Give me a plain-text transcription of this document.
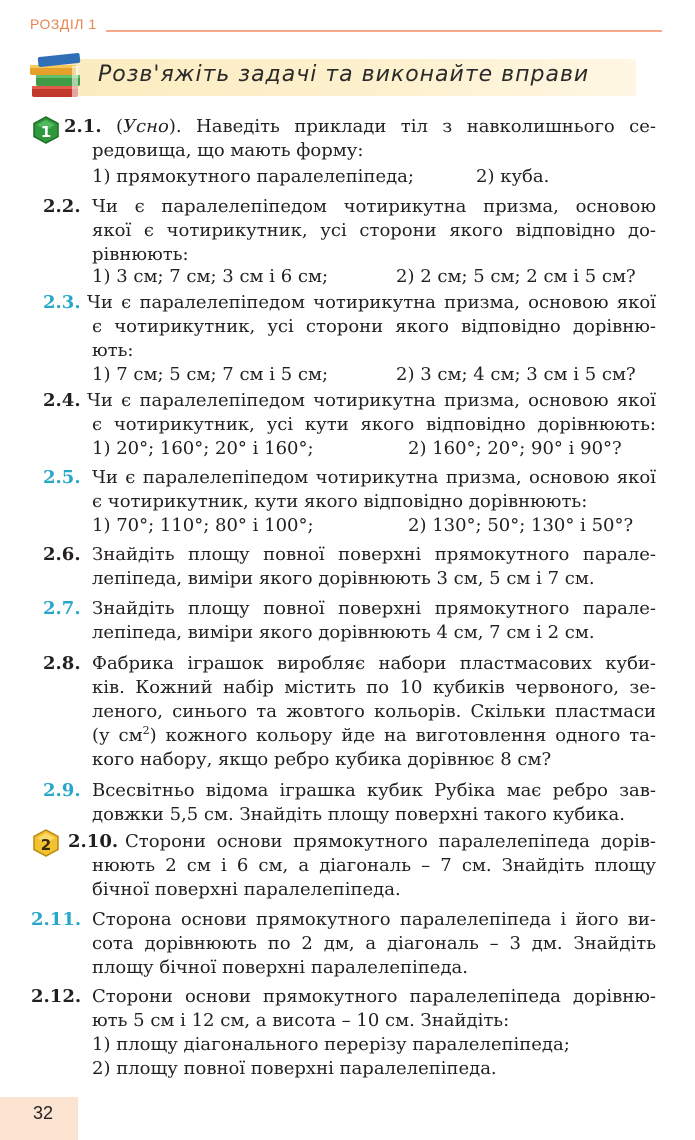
РОЗДІЛ 1
Розв'яжіть задачі та виконайте вправи
1 2.1. (Усно). Наведіть приклади тіл з навколишнього се-
редовища, що мають форму:
1) прямокутного паралелепіпеда;	2) куба.
2.2. Чи є паралелепіпедом чотирикутна призма, основою
якої є чотирикутник, усі сторони якого відповідно до-
рівнюють:
1) 3 см; 7 см; 3 см і 6 см;	2) 2 см; 5 см; 2 см і 5 см?
2.3. Чи є паралелепіпедом чотирикутна призма, основою якої
є чотирикутник, усі сторони якого відповідно дорівню-
ють:
1) 7 см; 5 см; 7 см і 5 см;	2) 3 см; 4 см; 3 см і 5 см?
2.4. Чи є паралелепіпедом чотирикутна призма, основою якої
є чотирикутник, усі кути якого відповідно дорівнюють:
1) 20°; 160°; 20° і 160°;	2) 160°; 20°; 90° і 90°?
2.5. Чи є паралелепіпедом чотирикутна призма, основою якої
є чотирикутник, кути якого відповідно дорівнюють:
1) 70°; 110°; 80° і 100°;	2) 130°; 50°; 130° і 50°?
2.6. Знайдіть площу повної поверхні прямокутного парале-
лепіпеда, виміри якого дорівнюють 3 см, 5 см і 7 см.
2.7. Знайдіть площу повної поверхні прямокутного парале-
лепіпеда, виміри якого дорівнюють 4 см, 7 см і 2 см.
2.8. Фабрика іграшок виробляє набори пластмасових куби-
ків. Кожний набір містить по 10 кубиків червоного, зе-
леного, синього та жовтого кольорів. Скільки пластмаси
(у $см^2$) кожного кольору йде на виготовлення одного та-
кого набору, якщо ребро кубика дорівнює 8 см?
2.9. Всесвітньо відома іграшка кубик Рубіка має ребро зав-
довжки 5,5 см. Знайдіть площу поверхні такого кубика.
2 2.10. Сторони основи прямокутного паралелепіпеда дорів-
нюють 2 см і 6 см, а діагональ – 7 см. Знайдіть площу
бічної поверхні паралелепіпеда.
2.11. Сторона основи прямокутного паралелепіпеда і його ви-
сота дорівнюють по 2 дм, а діагональ – 3 дм. Знайдіть
площу бічної поверхні паралелепіпеда.
2.12. Сторони основи прямокутного паралелепіпеда дорівню-
ють 5 см і 12 см, а висота – 10 см. Знайдіть:
1) площу діагонального перерізу паралелепіпеда;
2) площу повної поверхні паралелепіпеда.
32
